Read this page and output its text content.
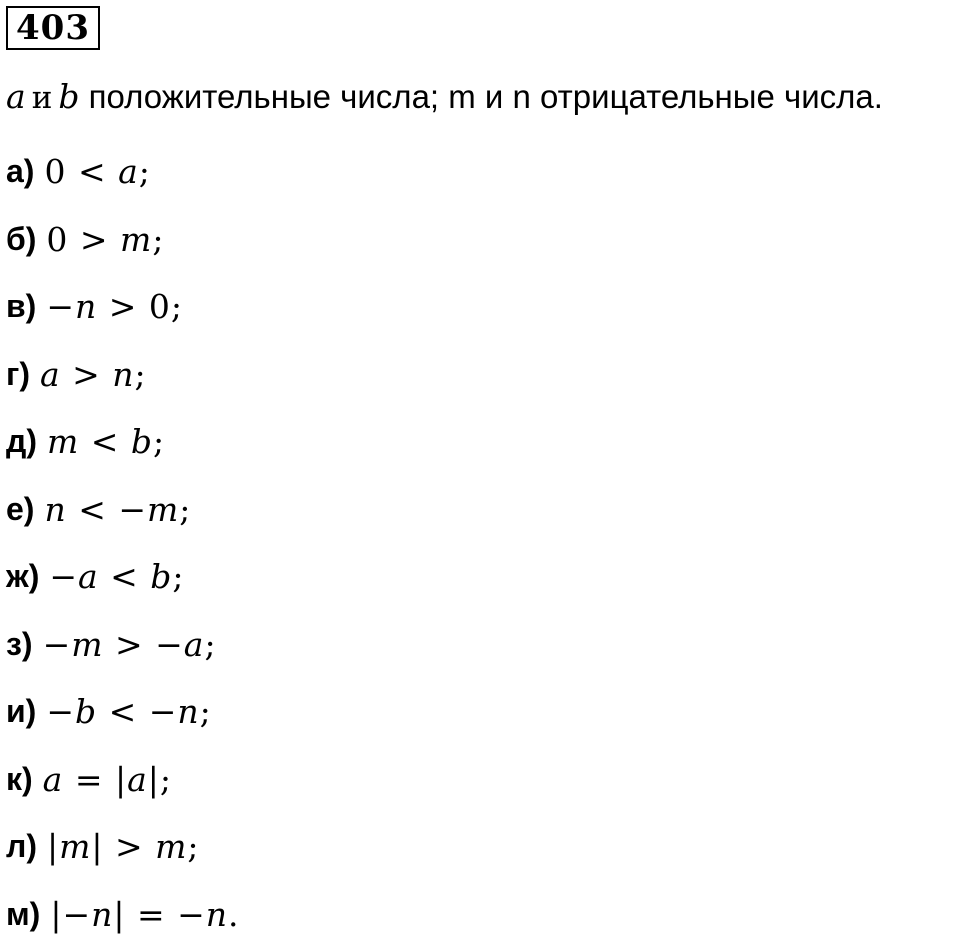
403
a и b положительные числа; m и n отрицательные числа.
а) 0 < 𝑎;
б) 0 > 𝑚;
в) −𝑛 > 0;
г) 𝑎 > 𝑛;
д) 𝑚 < 𝑏;
е) 𝑛 < −𝑚;
ж) −𝑎 < 𝑏;
з) −𝑚 > −𝑎;
и) −𝑏 < −𝑛;
к) 𝑎 = |𝑎|;
л) |𝑚| > 𝑚;
м) |−𝑛| = −𝑛.
